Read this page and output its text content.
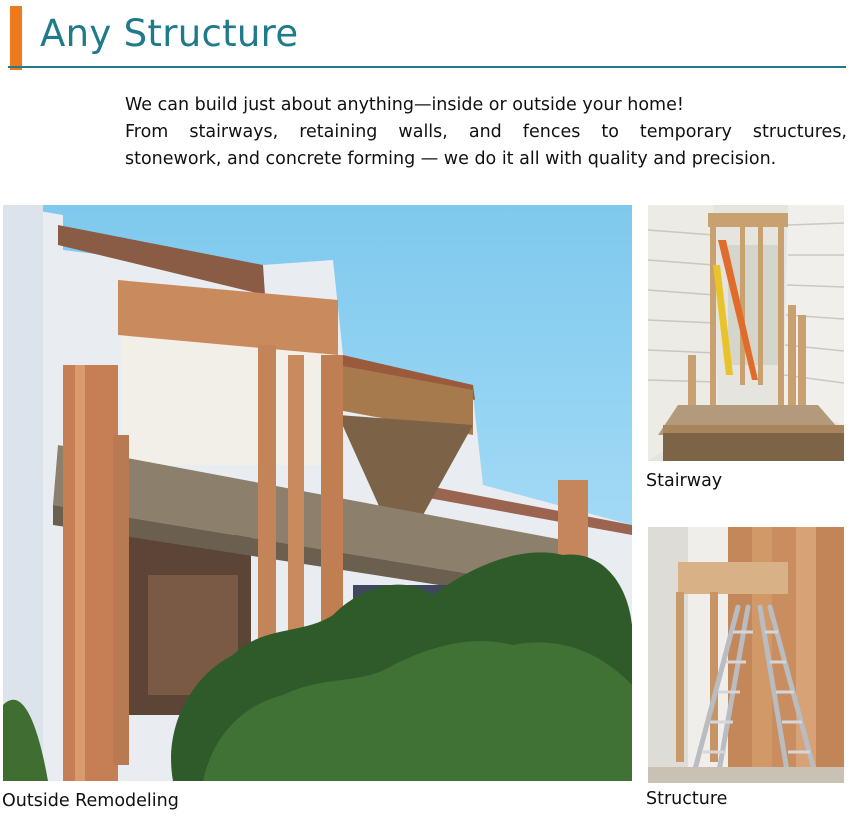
Any Structure

We can build just about anything—inside or outside your home!

From stairways, retaining walls, and fences to temporary structures,

stonework, and concrete forming — we do it all with quality and precision.

Outside Remodeling
Stairway
Structure
